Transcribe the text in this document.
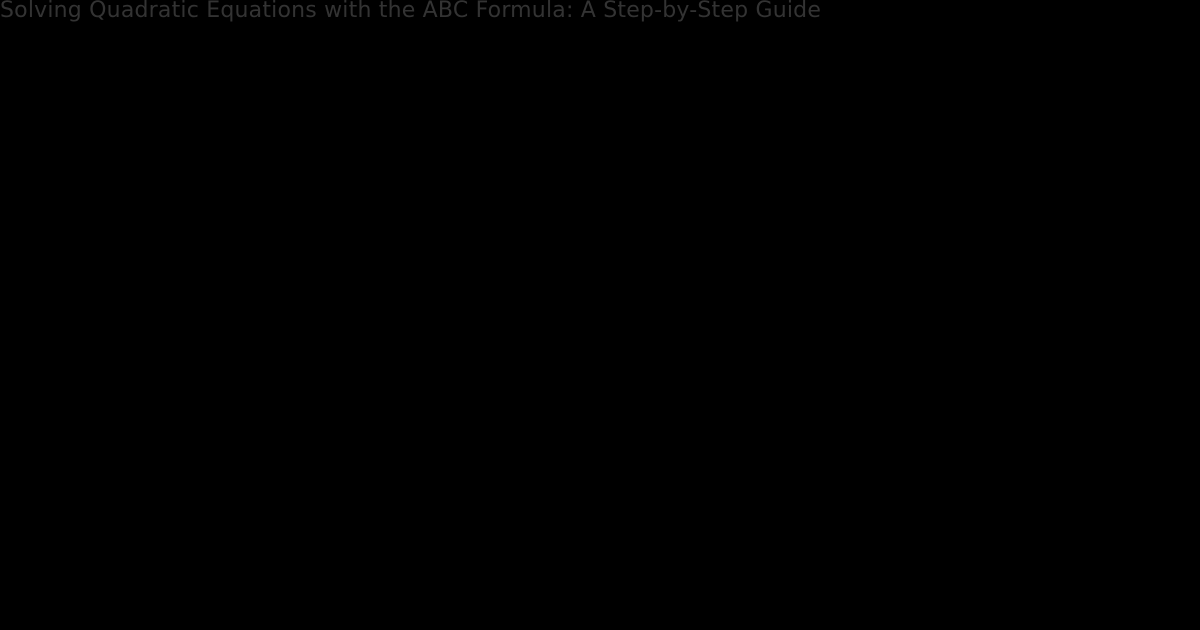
Solving Quadratic Equations with the ABC Formula: A Step-by-Step Guide
